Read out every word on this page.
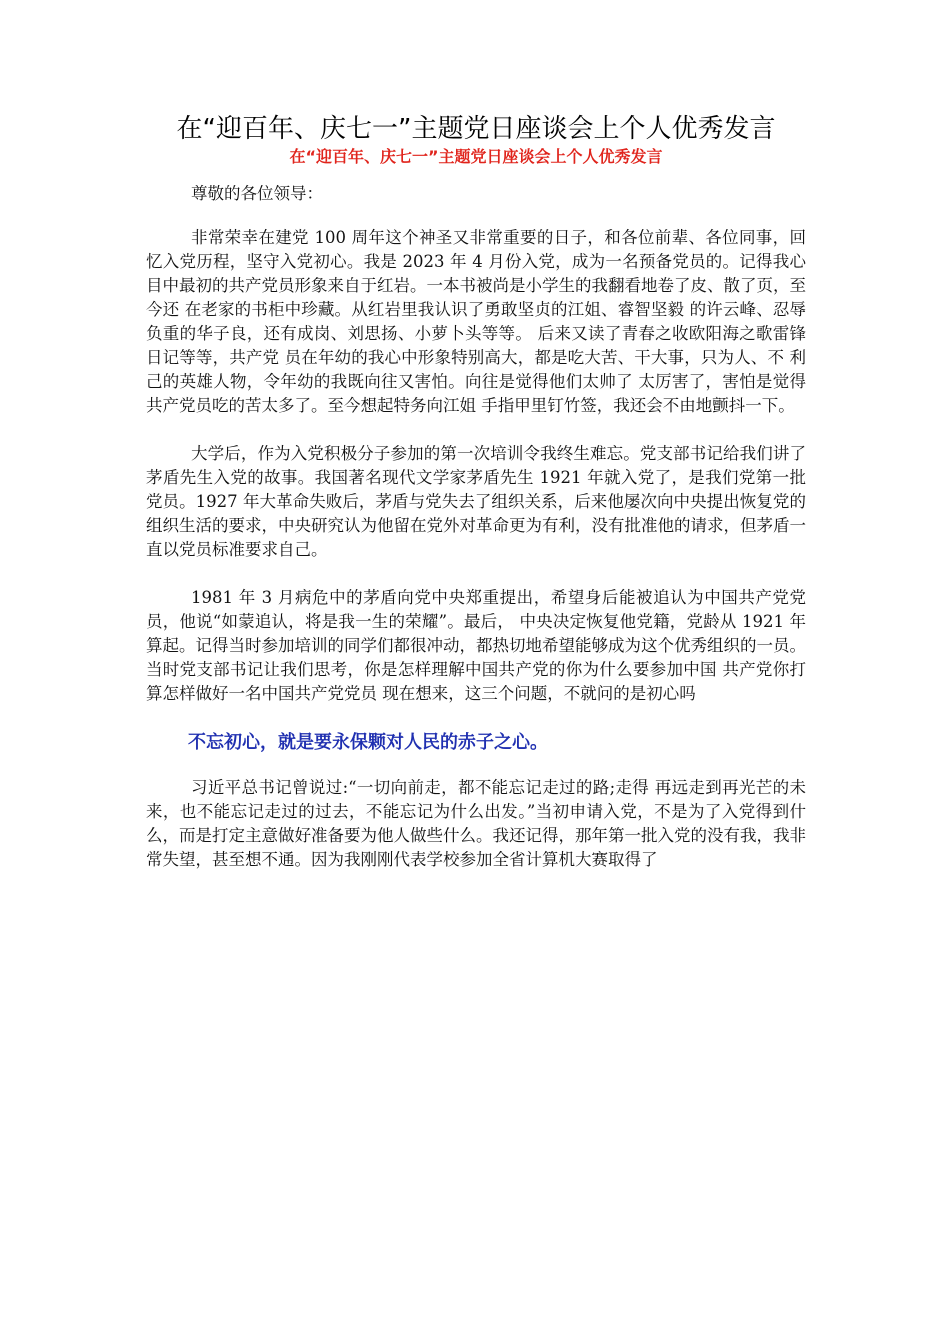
在“迎百年、庆七一”主题党日座谈会上个人优秀发言
在“迎百年、庆七一”主题党日座谈会上个人优秀发言

尊敬的各位领导：

非常荣幸在建党 100 周年这个神圣又非常重要的日子，和各位前辈、各位同事，回忆入党历程，坚守入党初心。我是 2023 年 4 月份入党，成为一名预备党员的。记得我心目中最初的共产党员形象来自于红岩。一本书被尚是小学生的我翻看地卷了皮、散了页，至今还 在老家的书柜中珍藏。从红岩里我认识了勇敢坚贞的江姐、睿智坚毅 的许云峰、忍辱负重的华子良，还有成岗、刘思扬、小萝卜头等等。 后来又读了青春之收欧阳海之歌雷锋日记等等，共产党 员在年幼的我心中形象特别高大，都是吃大苦、干大事，只为人、不 利己的英雄人物，令年幼的我既向往又害怕。向往是觉得他们太帅了 太厉害了，害怕是觉得共产党员吃的苦太多了。至今想起特务向江姐 手指甲里钉竹签，我还会不由地颤抖一下。

大学后，作为入党积极分子参加的第一次培训令我终生难忘。党支部书记给我们讲了茅盾先生入党的故事。我国著名现代文学家茅盾先生 1921 年就入党了，是我们党第一批党员。1927 年大革命失败后，茅盾与党失去了组织关系，后来他屡次向中央提出恢复党的组织生活的要求，中央研究认为他留在党外对革命更为有利，没有批准他的请求，但茅盾一直以党员标准要求自己。

1981 年 3 月病危中的茅盾向党中央郑重提出，希望身后能被追认为中国共产党党员，他说“如蒙追认，将是我一生的荣耀”。最后， 中央决定恢复他党籍，党龄从 1921 年算起。记得当时参加培训的同学们都很冲动，都热切地希望能够成为这个优秀组织的一员。当时党支部书记让我们思考，你是怎样理解中国共产党的你为什么要参加中国 共产党你打算怎样做好一名中国共产党党员 现在想来，这三个问题，不就问的是初心吗

不忘初心，就是要永保颗对人民的赤子之心。

习近平总书记曾说过:“一切向前走，都不能忘记走过的路;走得 再远走到再光芒的未来，也不能忘记走过的过去，不能忘记为什么出发。”当初申请入党，不是为了入党得到什么，而是打定主意做好准备要为他人做些什么。我还记得，那年第一批入党的没有我，我非常失望，甚至想不通。因为我刚刚代表学校参加全省计算机大赛取得了
